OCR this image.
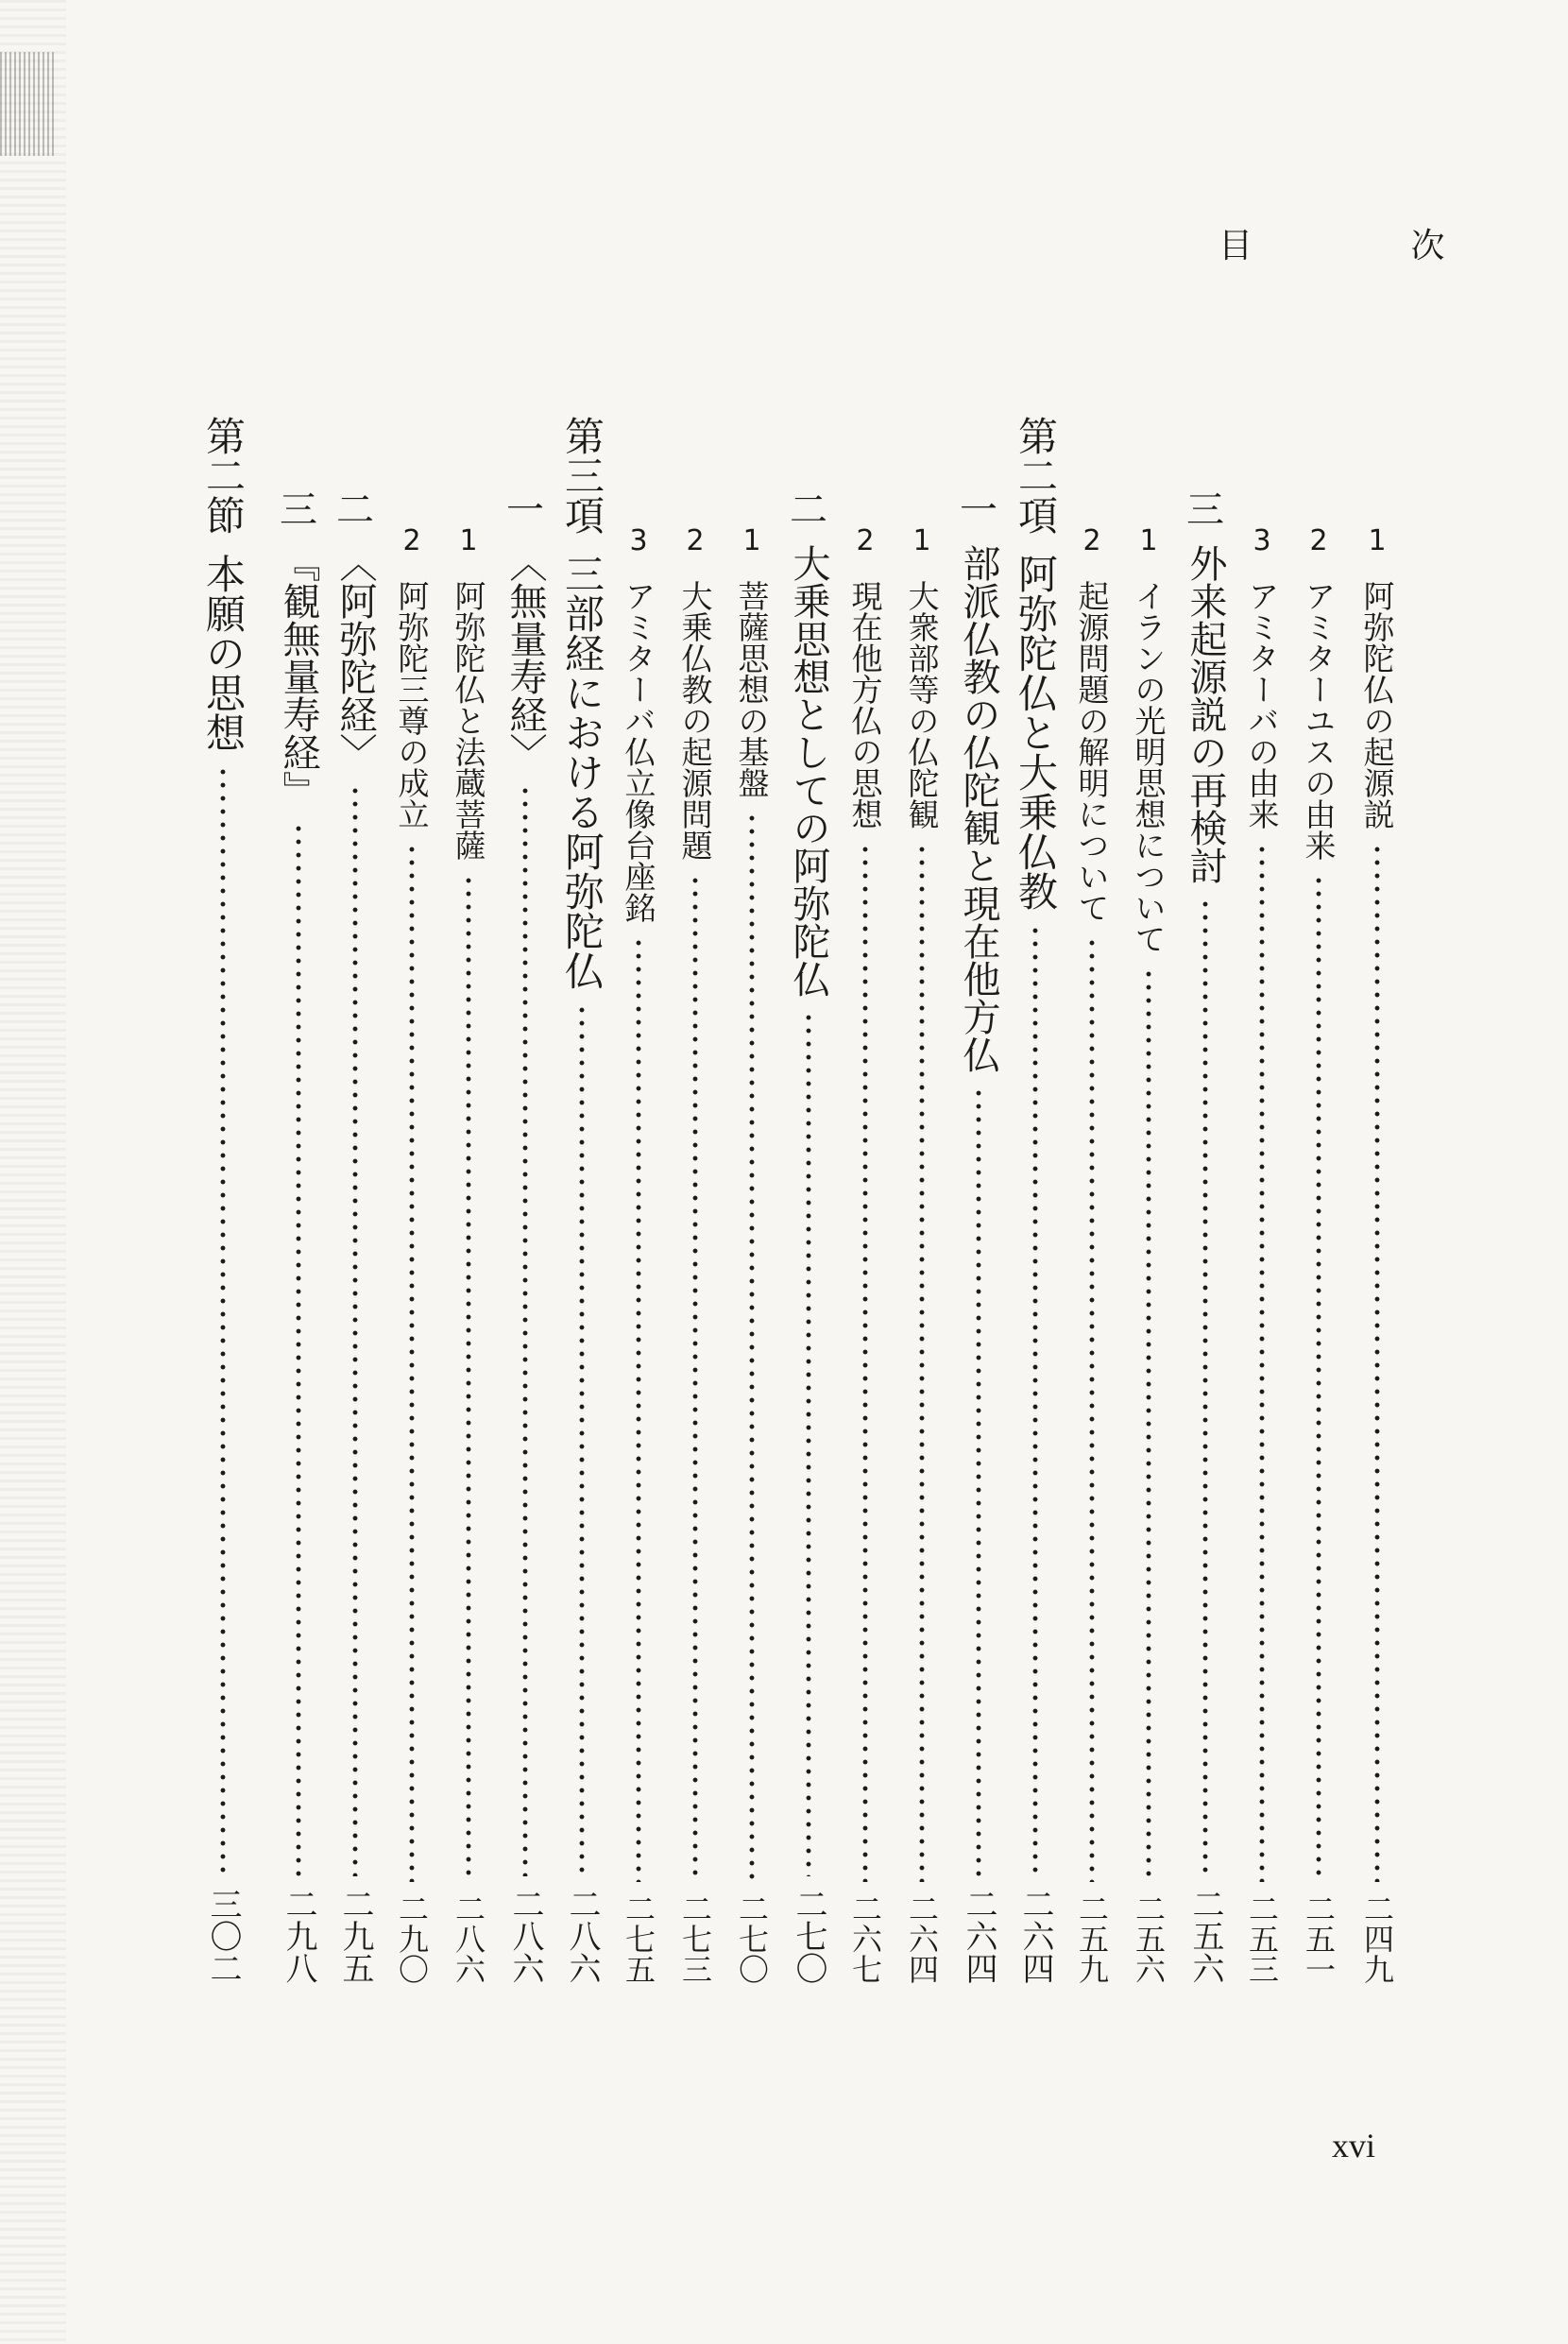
目 次
1
阿弥陀仏の起源説
二四九
2
アミターユスの由来
二五一
3
アミターバの由来
二五三
三
外来起源説の再検討
二五六
1
イランの光明思想について
二五六
2
起源問題の解明について
二五九
第二項
阿弥陀仏と大乗仏教
二六四
一
部派仏教の仏陀観と現在他方仏
二六四
1
大衆部等の仏陀観
二六四
2
現在他方仏の思想
二六七
二
大乗思想としての阿弥陀仏
二七〇
1
菩薩思想の基盤
二七〇
2
大乗仏教の起源問題
二七三
3
アミターバ仏立像台座銘
二七五
第三項
三部経における阿弥陀仏
二八六
一
〈無量寿経〉
二八六
1
阿弥陀仏と法蔵菩薩
二八六
2
阿弥陀三尊の成立
二九〇
二
〈阿弥陀経〉
二九五
三
『観無量寿経』
二九八
第二節
本願の思想
三〇二
xvi
